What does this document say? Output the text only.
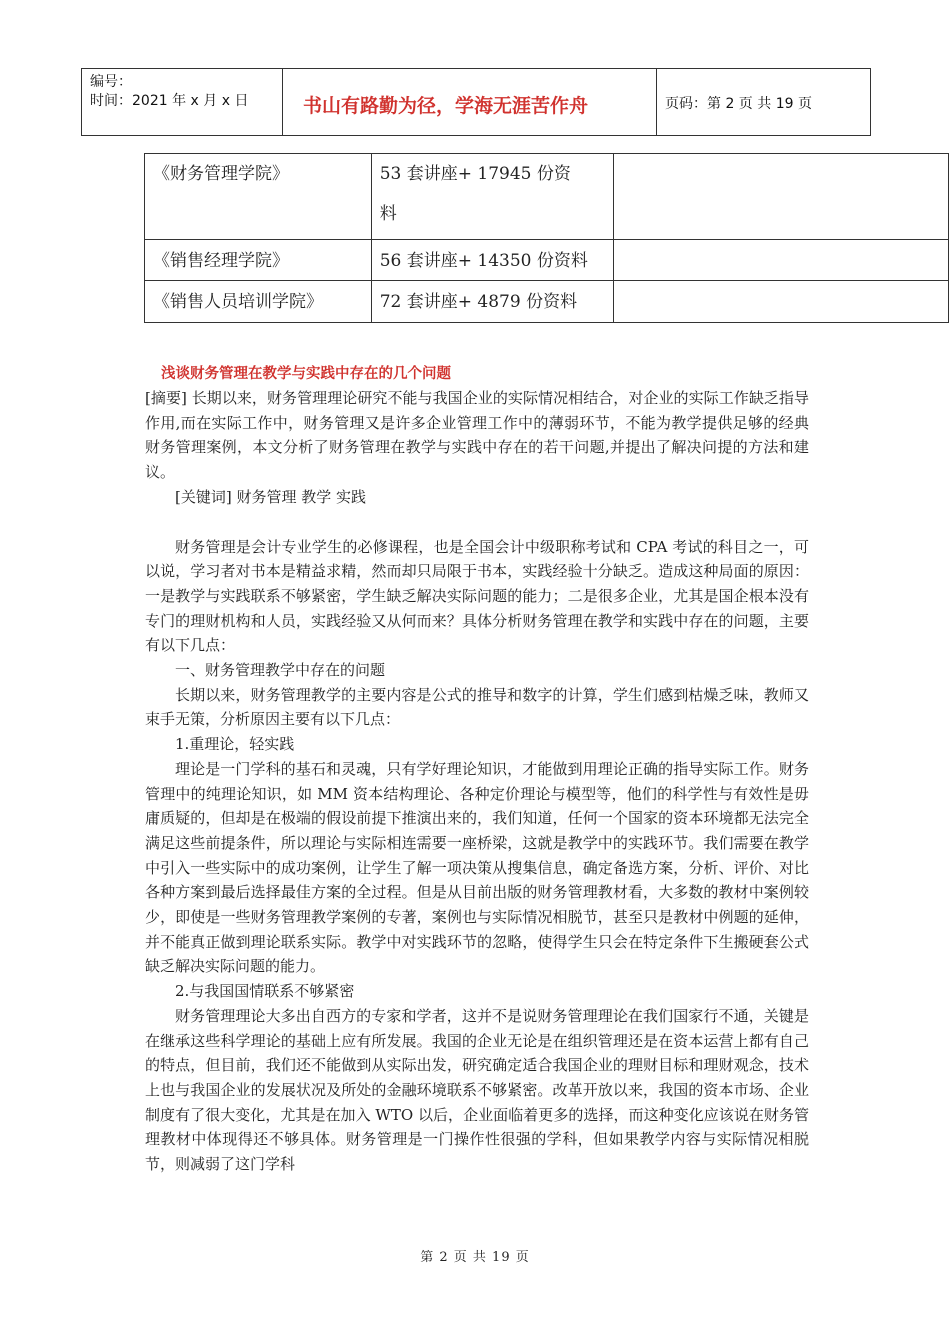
编号：
时间：2021 年 x 月 x 日	书山有路勤为径，学海无涯苦作舟	页码：第 2 页 共 19 页
《财务管理学院》	53 套讲座+ 17945 份资
料	

《销售经理学院》	56 套讲座+ 14350 份资料	
《销售人员培训学院》	72 套讲座+ 4879 份资料	
浅谈财务管理在教学与实践中存在的几个问题

[摘要] 长期以来，财务管理理论研究不能与我国企业的实际情况相结合，对企业的实际工作缺乏指导作用,而在实际工作中，财务管理又是许多企业管理工作中的薄弱环节，不能为教学提供足够的经典财务管理案例，本文分析了财务管理在教学与实践中存在的若干问题,并提出了解决问提的方法和建议。

[关键词] 财务管理 教学 实践

财务管理是会计专业学生的必修课程，也是全国会计中级职称考试和 CPA 考试的科目之一，可以说，学习者对书本是精益求精，然而却只局限于书本，实践经验十分缺乏。造成这种局面的原因：一是教学与实践联系不够紧密，学生缺乏解决实际问题的能力；二是很多企业，尤其是国企根本没有专门的理财机构和人员，实践经验又从何而来？具体分析财务管理在教学和实践中存在的问题，主要有以下几点：

一、财务管理教学中存在的问题

长期以来，财务管理教学的主要内容是公式的推导和数字的计算，学生们感到枯燥乏味，教师又束手无策，分析原因主要有以下几点：

1.重理论，轻实践

理论是一门学科的基石和灵魂，只有学好理论知识，才能做到用理论正确的指导实际工作。财务管理中的纯理论知识，如 MM 资本结构理论、各种定价理论与模型等，他们的科学性与有效性是毋庸质疑的，但却是在极端的假设前提下推演出来的，我们知道，任何一个国家的资本环境都无法完全满足这些前提条件，所以理论与实际相连需要一座桥梁，这就是教学中的实践环节。我们需要在教学中引入一些实际中的成功案例，让学生了解一项决策从搜集信息，确定备选方案，分析、评价、对比各种方案到最后选择最佳方案的全过程。但是从目前出版的财务管理教材看，大多数的教材中案例较少，即使是一些财务管理教学案例的专著，案例也与实际情况相脱节，甚至只是教材中例题的延伸，并不能真正做到理论联系实际。教学中对实践环节的忽略，使得学生只会在特定条件下生搬硬套公式缺乏解决实际问题的能力。

2.与我国国情联系不够紧密

财务管理理论大多出自西方的专家和学者，这并不是说财务管理理论在我们国家行不通，关键是在继承这些科学理论的基础上应有所发展。我国的企业无论是在组织管理还是在资本运营上都有自己的特点，但目前，我们还不能做到从实际出发，研究确定适合我国企业的理财目标和理财观念，技术上也与我国企业的发展状况及所处的金融环境联系不够紧密。改革开放以来，我国的资本市场、企业制度有了很大变化，尤其是在加入 WTO 以后，企业面临着更多的选择，而这种变化应该说在财务管理教材中体现得还不够具体。财务管理是一门操作性很强的学科，但如果教学内容与实际情况相脱节，则减弱了这门学科

第 2 页 共 19 页
